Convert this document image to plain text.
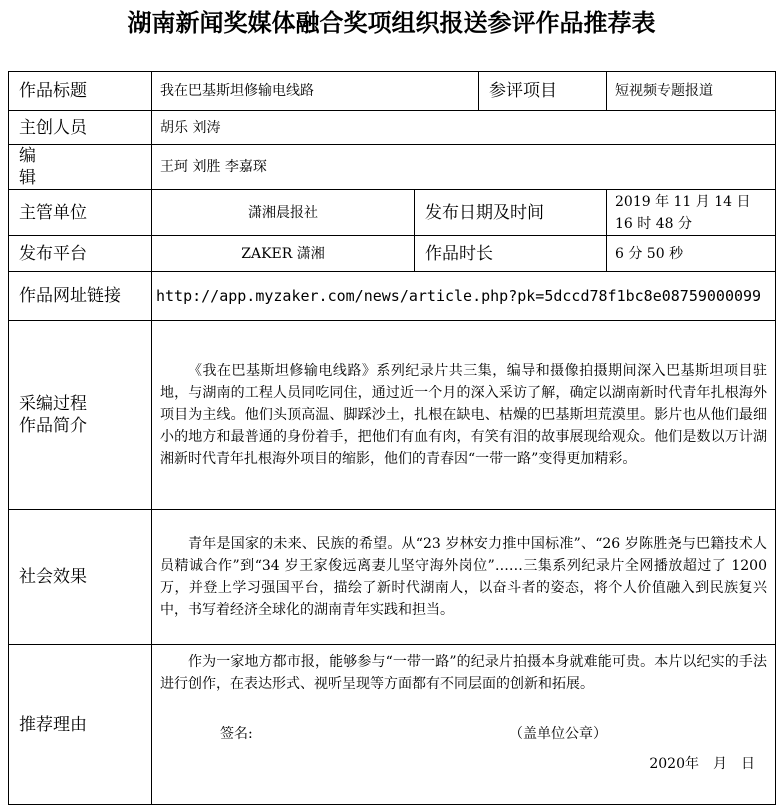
湖南新闻奖媒体融合奖项组织报送参评作品推荐表
作品标题	我在巴基斯坦修输电线路		参评项目	短视频专题报道
主创人员	胡乐 刘涛			
编　辑	王珂 刘胜 李嘉琛			
主管单位	潇湘晨报社	发布日期及时间		2019 年 11 月 14 日 16 时 48 分
发布平台	ZAKER 潇湘	作品时长		6 分 50 秒
作品网址链接	http://app.myzaker.com/news/article.php?pk=5dccd78f1bc8e08759000099			

采编过程
作品简介	《我在巴基斯坦修输电线路》系列纪录片共三集，编导和摄像拍摄期间深入巴基斯坦项目驻地，与湖南的工程人员同吃同住，通过近一个月的深入采访了解，确定以湖南新时代青年扎根海外项目为主线。他们头顶高温、脚踩沙土，扎根在缺电、枯燥的巴基斯坦荒漠里。影片也从他们最细小的地方和最普通的身份着手，把他们有血有肉，有笑有泪的故事展现给观众。他们是数以万计湖湘新时代青年扎根海外项目的缩影，他们的青春因“一带一路”变得更加精彩。			

社会效果	青年是国家的未来、民族的希望。从“23 岁林安力推中国标准”、“26 岁陈胜尧与巴籍技术人员精诚合作”到“34 岁王家俊远离妻儿坚守海外岗位”……三集系列纪录片全网播放超过了 1200 万，并登上学习强国平台，描绘了新时代湖南人，以奋斗者的姿态，将个人价值融入到民族复兴中，书写着经济全球化的湖南青年实践和担当。			

推荐理由	作为一家地方都市报，能够参与“一带一路”的纪录片拍摄本身就难能可贵。本片以纪实的手法进行创作，在表达形式、视听呈现等方面都有不同层面的创新和拓展。

签名: （盖单位公章）
2020年　月　日			
